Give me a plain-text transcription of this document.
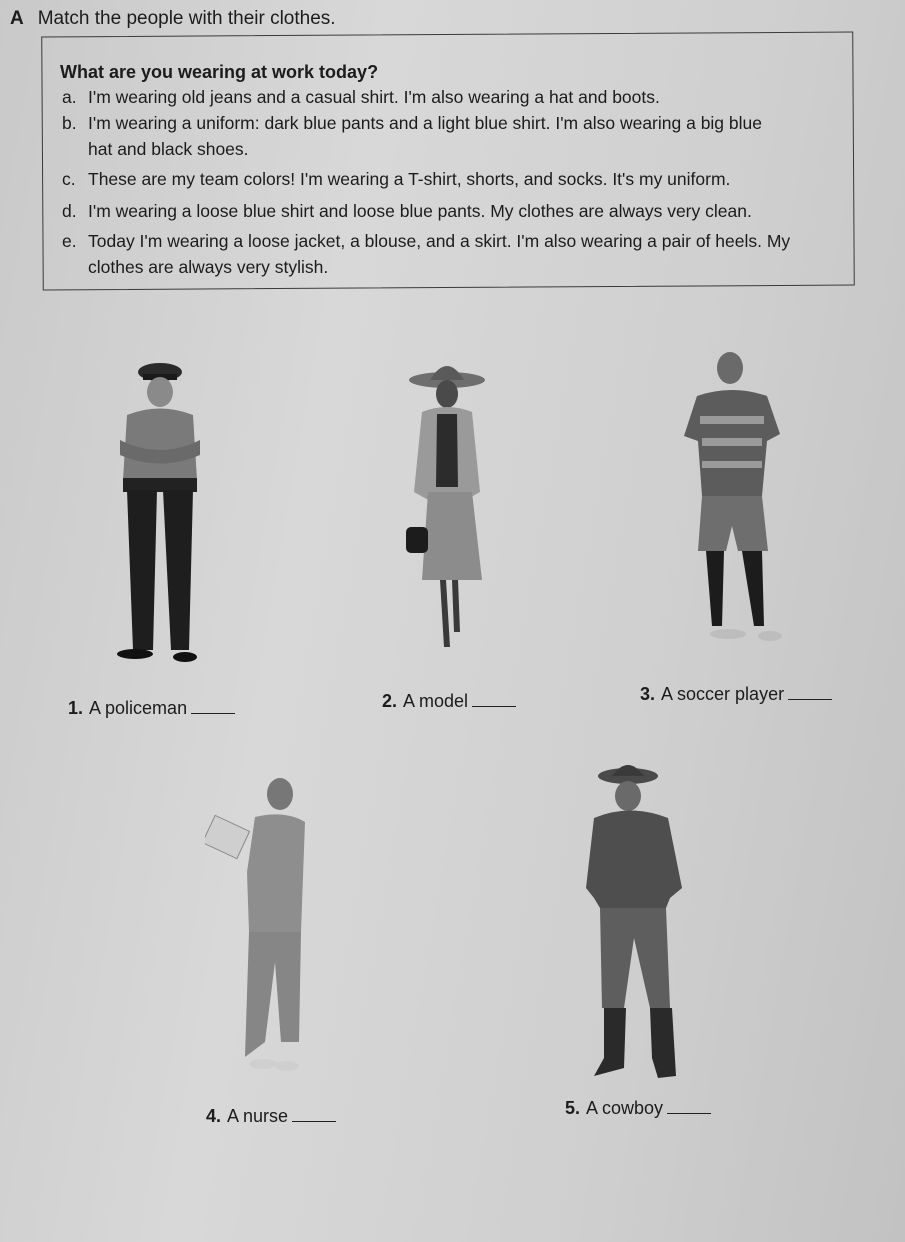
A Match the people with their clothes.
What are you wearing at work today?
a. I'm wearing old jeans and a casual shirt. I'm also wearing a hat and boots.
b. I'm wearing a uniform: dark blue pants and a light blue shirt. I'm also wearing a big blue
hat and black shoes.
c. These are my team colors! I'm wearing a T-shirt, shorts, and socks. It's my uniform.
d. I'm wearing a loose blue shirt and loose blue pants. My clothes are always very clean.
e. Today I'm wearing a loose jacket, a blouse, and a skirt. I'm also wearing a pair of heels. My
clothes are always very stylish.
1. A policeman	2. A model	3. A soccer player
4. A nurse	5. A cowboy
